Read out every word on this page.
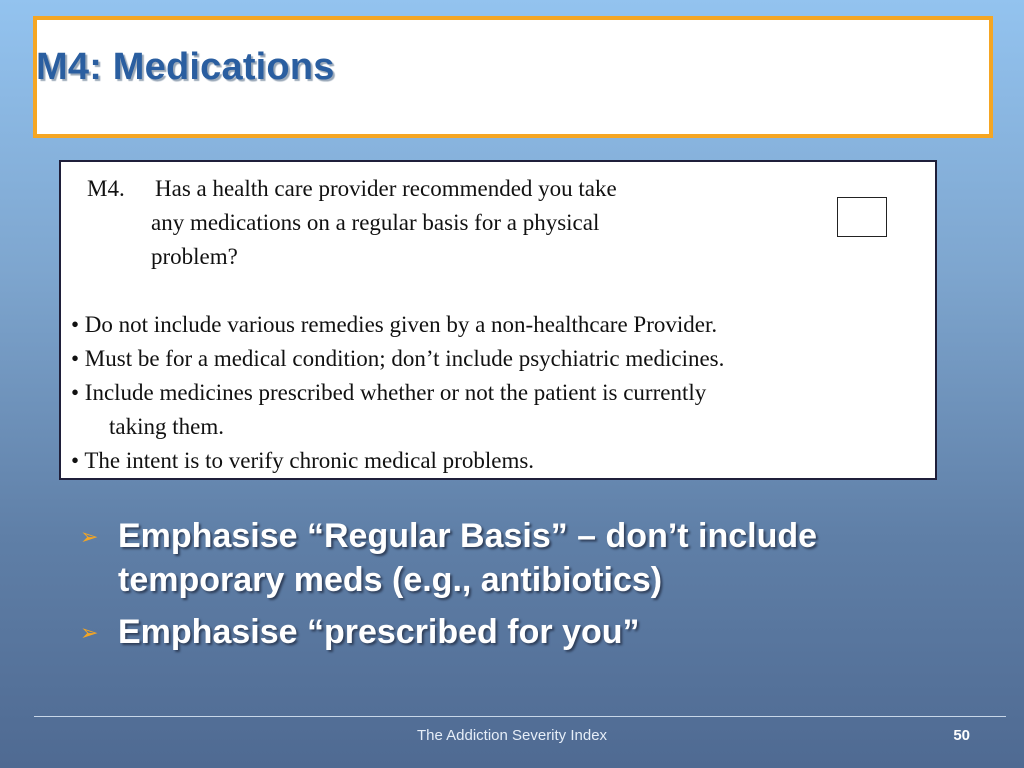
M4: Medications
M4. Has a health care provider recommended you take
any medications on a regular basis for a physical
problem?
• Do not include various remedies given by a non-healthcare Provider.
• Must be for a medical condition; don’t include psychiatric medicines.
• Include medicines prescribed whether or not the patient is currently
taking them.
• The intent is to verify chronic medical problems.
➢ Emphasise “Regular Basis” – don’t include temporary meds (e.g., antibiotics)
➢ Emphasise “prescribed for you”
The Addiction Severity Index	50
